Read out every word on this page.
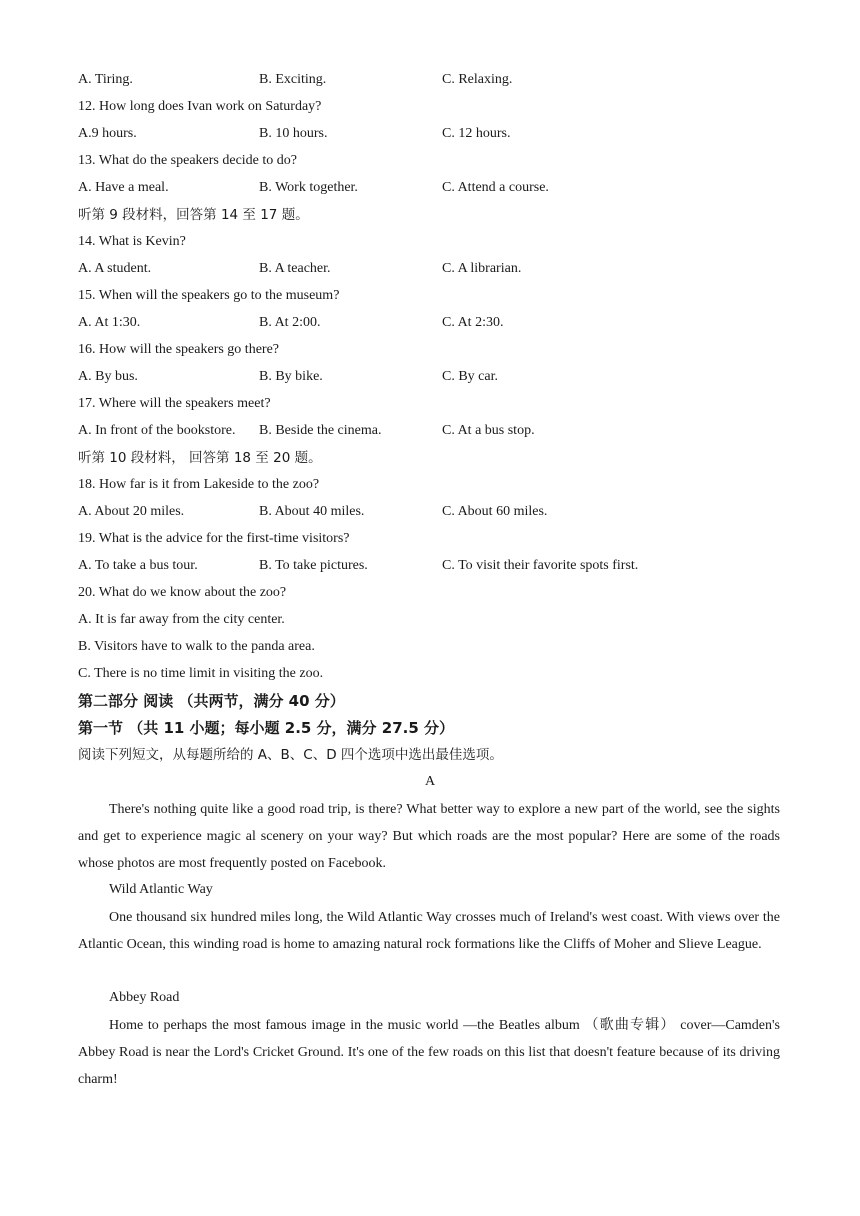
A. Tiring.	B. Exciting.	C. Relaxing.
12. How long does Ivan work on Saturday?
A.9 hours.	B. 10 hours.	C. 12 hours.
13. What do the speakers decide to do?
A. Have a meal.	B. Work together.	C. Attend a course.
听第 9 段材料，回答第 14 至 17 题。
14. What is Kevin?
A. A student.	B. A teacher.	C. A librarian.
15. When will the speakers go to the museum?
A. At 1:30.	B. At 2:00.	C. At 2:30.
16. How will the speakers go there?
A. By bus.	B. By bike.	C. By car.
17. Where will the speakers meet?
A. In front of the bookstore. B. Beside the cinema.	C. At a bus stop.
听第 10 段材料， 回答第 18 至 20 题。
18. How far is it from Lakeside to the zoo?
A. About 20 miles.	B. About 40 miles.	C. About 60 miles.
19. What is the advice for the first-time visitors?
A. To take a bus tour.	B. To take pictures.	C. To visit their favorite spots first.
20. What do we know about the zoo?
A. It is far away from the city center.
B. Visitors have to walk to the panda area.
C. There is no time limit in visiting the zoo.
第二部分 阅读 （共两节，满分 40 分）
第一节 （共 11 小题；每小题 2.5 分，满分 27.5 分）
阅读下列短文，从每题所给的 A、B、C、D 四个选项中选出最佳选项。
A

There's nothing quite like a good road trip, is there? What better way to explore a new part of the world, see the sights and get to experience magic al scenery on your way? But which roads are the most popular? Here are some of the roads whose photos are most frequently posted on Facebook.

Wild Atlantic Way

One thousand six hundred miles long, the Wild Atlantic Way crosses much of Ireland's west coast. With views over the Atlantic Ocean, this winding road is home to amazing natural rock formations like the Cliffs of Moher and Slieve League.

Abbey Road

Home to perhaps the most famous image in the music world —the Beatles album （歌曲专辑） cover—Camden's Abbey Road is near the Lord's Cricket Ground. It's one of the few roads on this list that doesn't feature because of its driving charm!
